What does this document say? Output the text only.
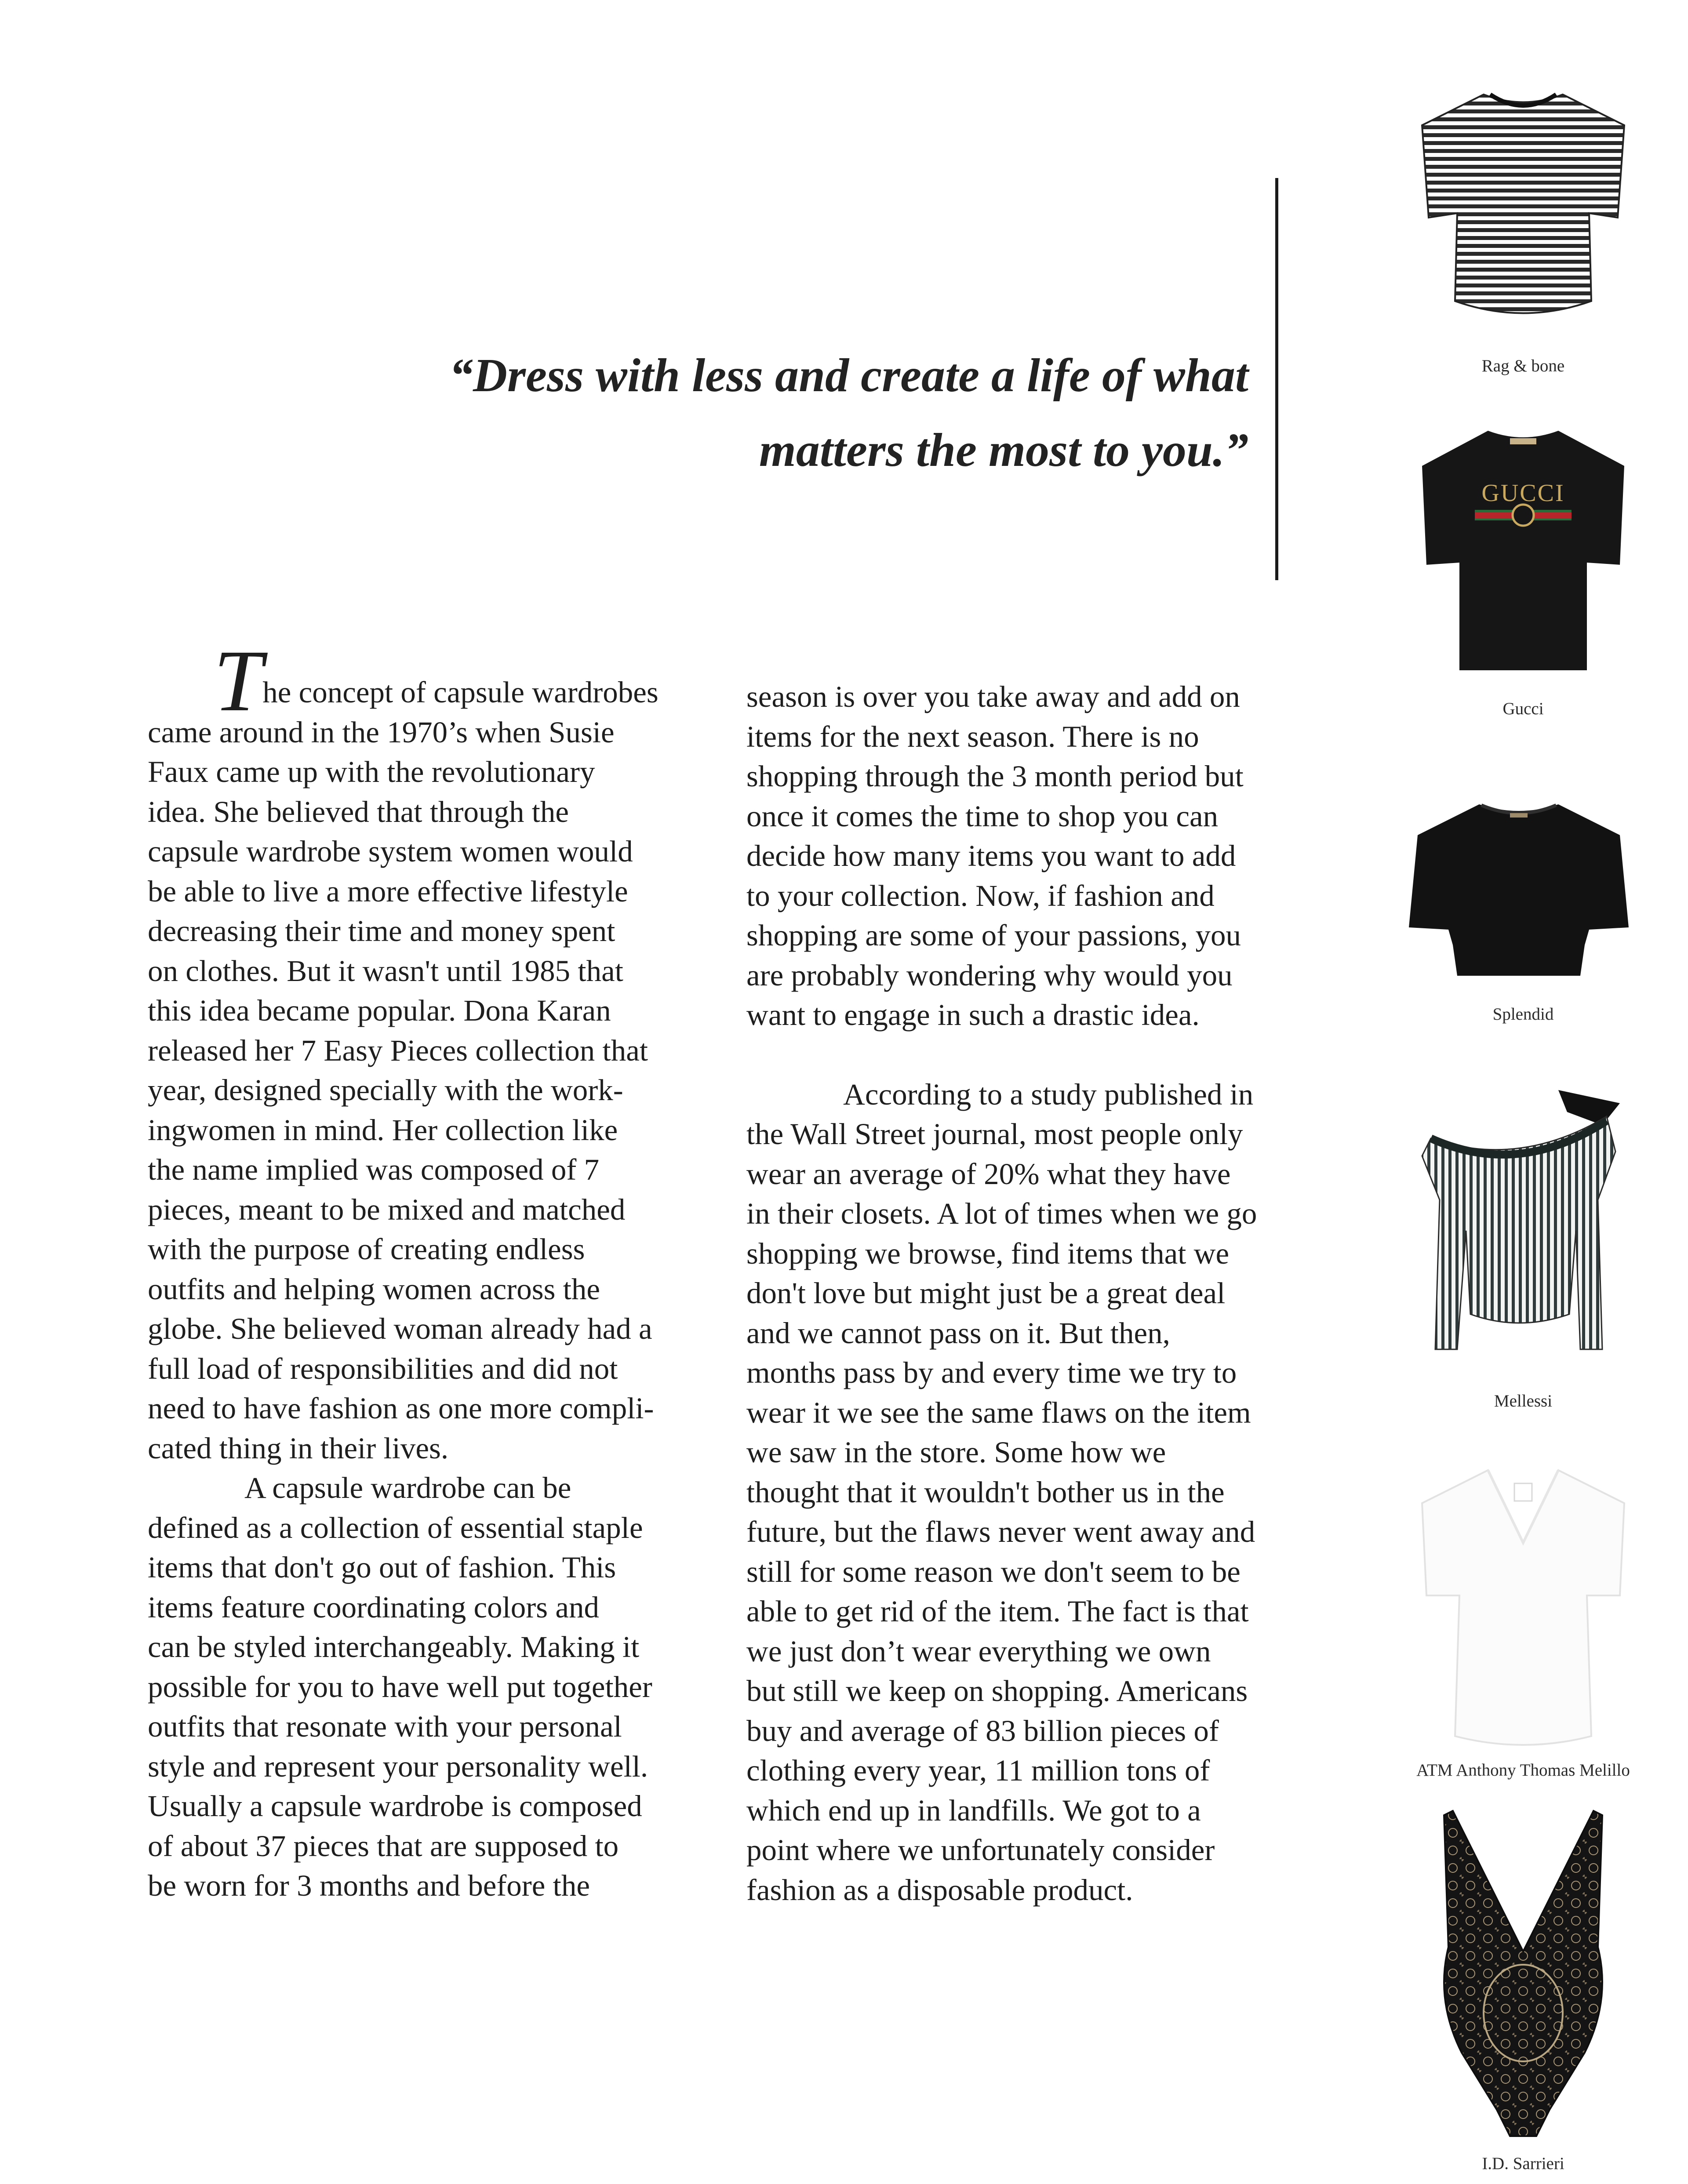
“Dress with less and create a life of what
matters the most to you.”

The concept of capsule wardrobes

came around in the 1970’s when Susie

Faux came up with the revolutionary

idea. She believed that through the

capsule wardrobe system women would

be able to live a more effective lifestyle

decreasing their time and money spent

on clothes. But it wasn't until 1985 that

this idea became popular. Dona Karan

released her 7 Easy Pieces collection that

year, designed specially with the work-

ingwomen in mind. Her collection like

the name implied was composed of 7

pieces, meant to be mixed and matched

with the purpose of creating endless

outfits and helping women across the

globe. She believed woman already had a

full load of responsibilities and did not

need to have fashion as one more compli-

cated thing in their lives.

A capsule wardrobe can be

defined as a collection of essential staple

items that don't go out of fashion. This

items feature coordinating colors and

can be styled interchangeably. Making it

possible for you to have well put together

outfits that resonate with your personal

style and represent your personality well.

Usually a capsule wardrobe is composed

of about 37 pieces that are supposed to

be worn for 3 months and before the

season is over you take away and add on

items for the next season. There is no

shopping through the 3 month period but

once it comes the time to shop you can

decide how many items you want to add

to your collection. Now, if fashion and

shopping are some of your passions, you

are probably wondering why would you

want to engage in such a drastic idea.

According to a study published in

the Wall Street journal, most people only

wear an average of 20% what they have

in their closets. A lot of times when we go

shopping we browse, find items that we

don't love but might just be a great deal

and we cannot pass on it. But then,

months pass by and every time we try to

wear it we see the same flaws on the item

we saw in the store. Some how we

thought that it wouldn't bother us in the

future, but the flaws never went away and

still for some reason we don't seem to be

able to get rid of the item. The fact is that

we just don’t wear everything we own

but still we keep on shopping. Americans

buy and average of 83 billion pieces of

clothing every year, 11 million tons of

which end up in landfills. We got to a

point where we unfortunately consider

fashion as a disposable product.

Rag & bone
GUCCI
Gucci
Splendid
Mellessi
ATM Anthony Thomas Melillo
I.D. Sarrieri
